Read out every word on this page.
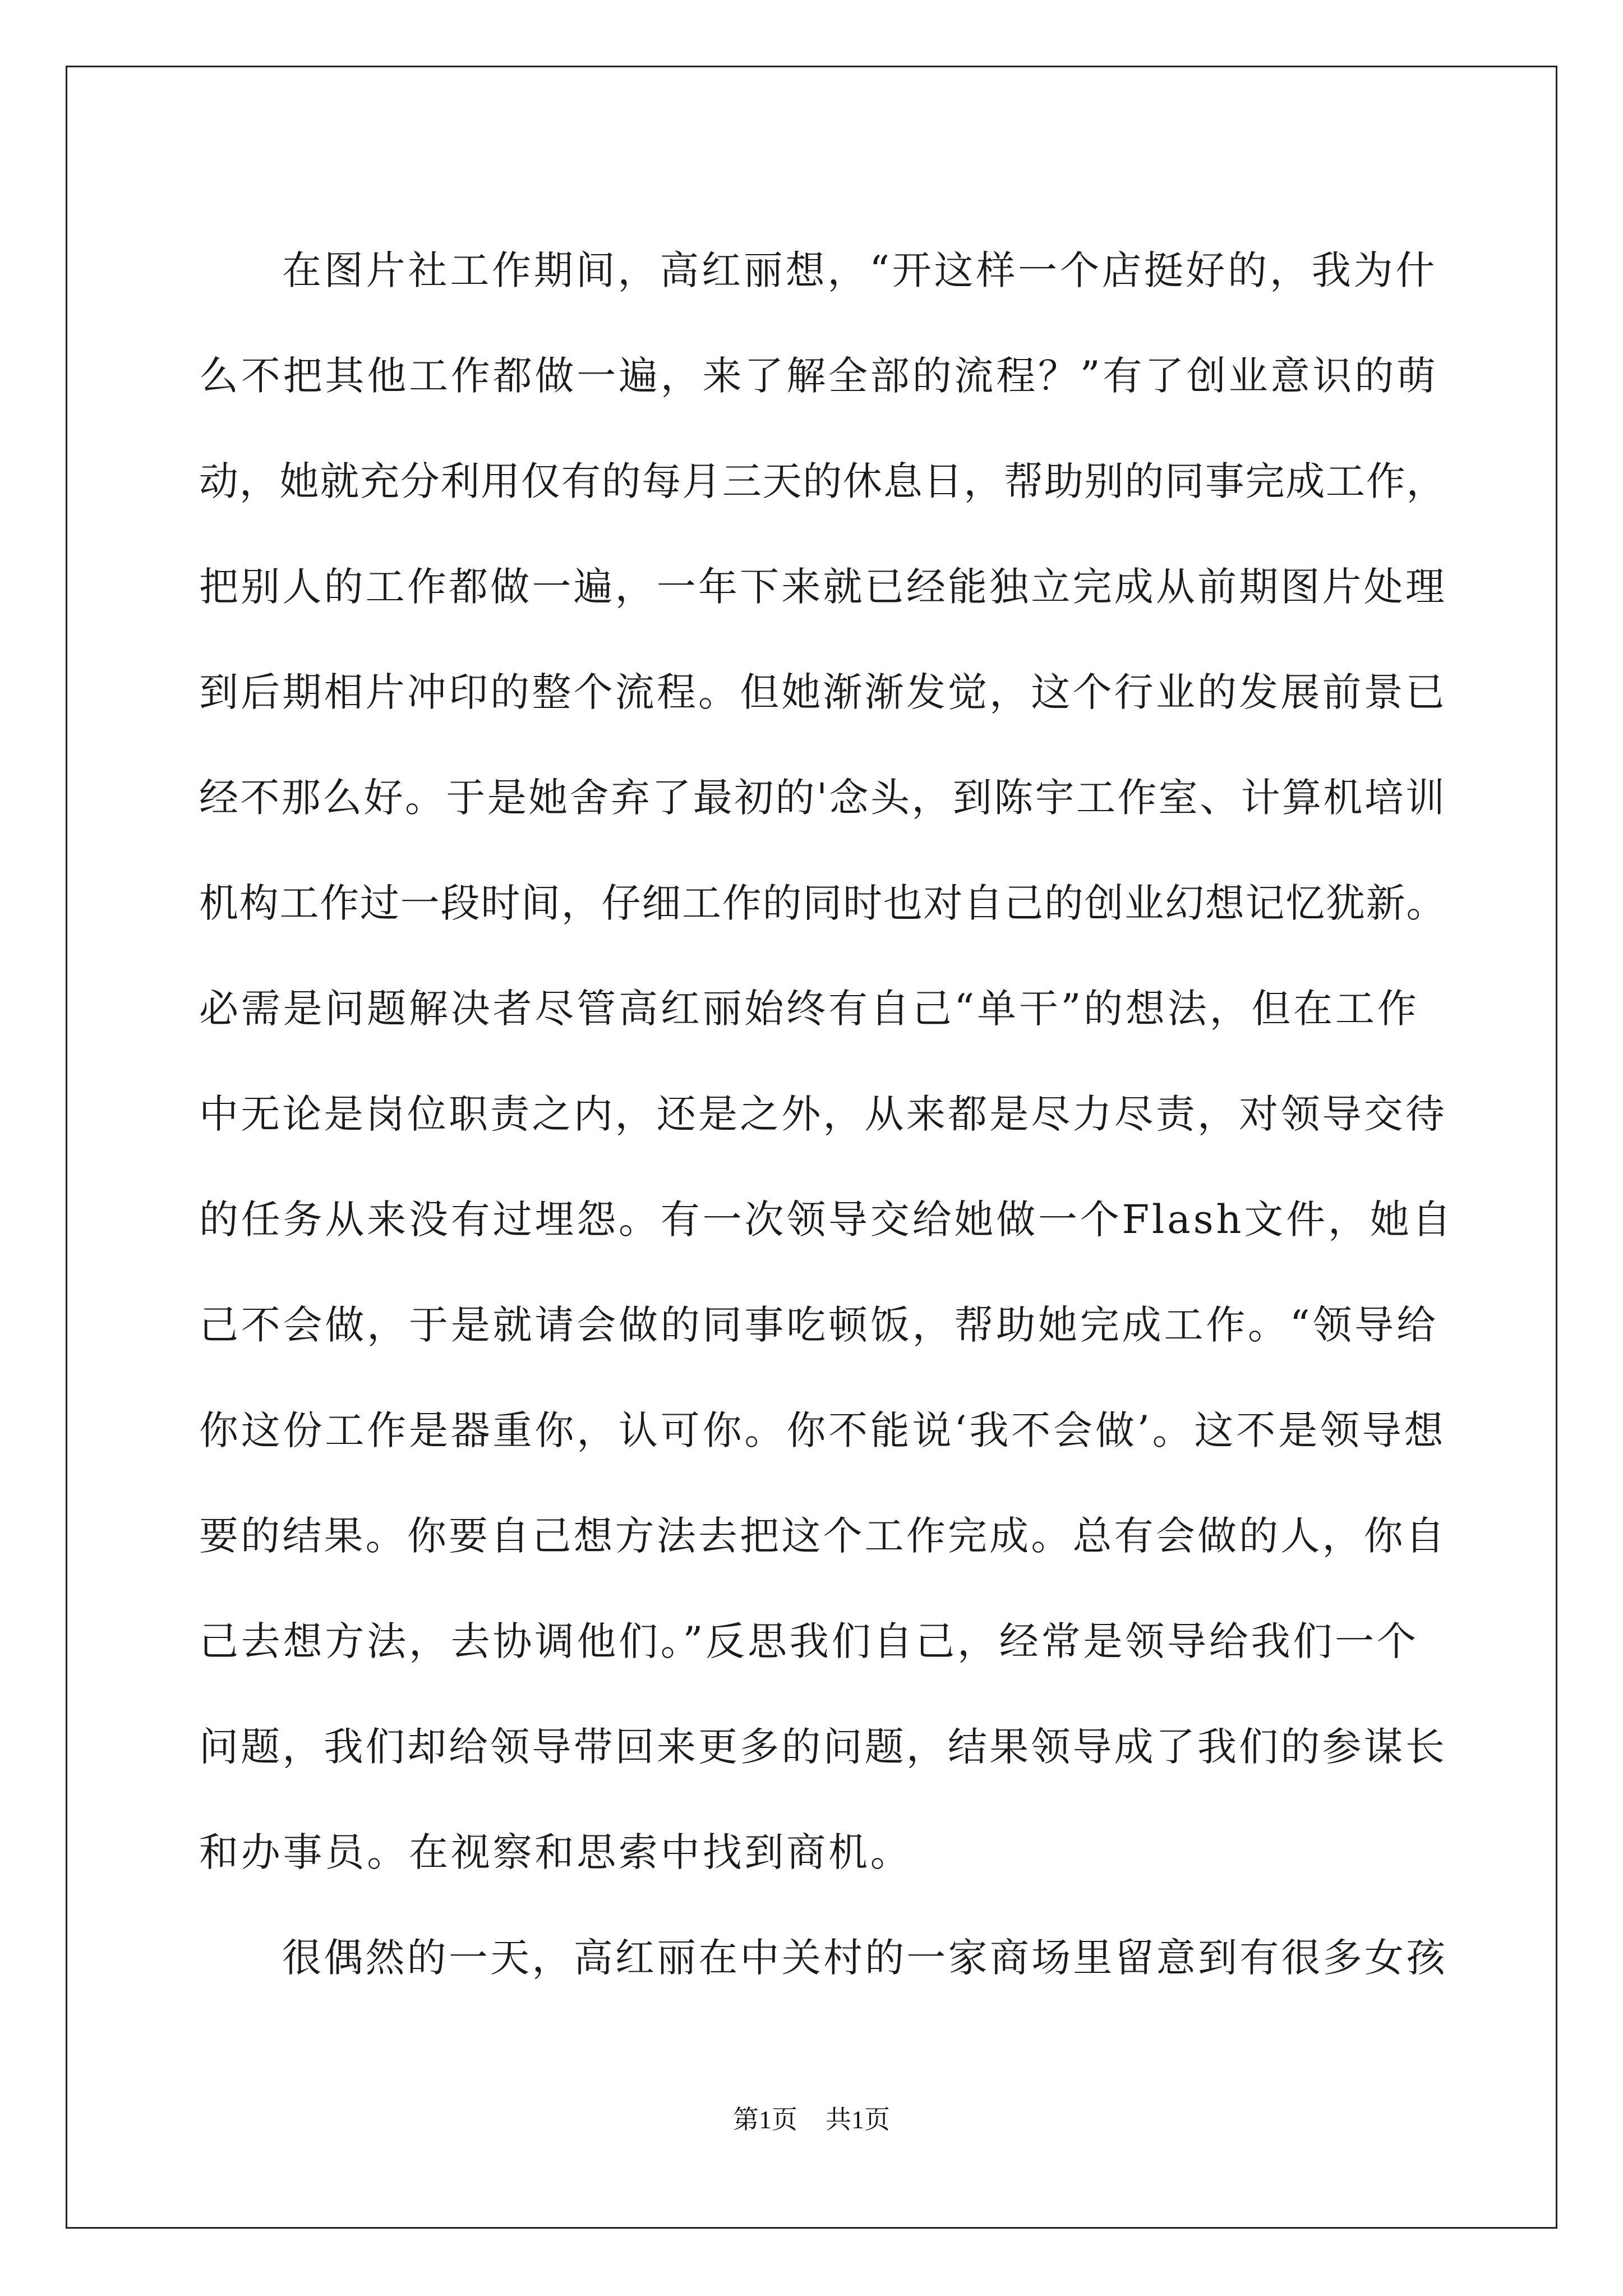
在图片社工作期间，高红丽想，“开这样一个店挺好的，我为什
么不把其他工作都做一遍，来了解全部的流程？”有了创业意识的萌
动，她就充分利用仅有的每月三天的休息日，帮助别的同事完成工作，
把别人的工作都做一遍，一年下来就已经能独立完成从前期图片处理
到后期相片冲印的整个流程。但她渐渐发觉，这个行业的发展前景已
经不那么好。于是她舍弃了最初的'念头，到陈宇工作室、计算机培训
机构工作过一段时间，仔细工作的同时也对自己的创业幻想记忆犹新。
必需是问题解决者尽管高红丽始终有自己“单干”的想法，但在工作
中无论是岗位职责之内，还是之外，从来都是尽力尽责，对领导交待
的任务从来没有过埋怨。有一次领导交给她做一个Flash文件，她自
己不会做，于是就请会做的同事吃顿饭，帮助她完成工作。“领导给
你这份工作是器重你，认可你。你不能说‘我不会做’。这不是领导想
要的结果。你要自己想方法去把这个工作完成。总有会做的人，你自
己去想方法，去协调他们。”反思我们自己，经常是领导给我们一个
问题，我们却给领导带回来更多的问题，结果领导成了我们的参谋长
和办事员。在视察和思索中找到商机。
很偶然的一天，高红丽在中关村的一家商场里留意到有很多女孩
第1页 共1页
